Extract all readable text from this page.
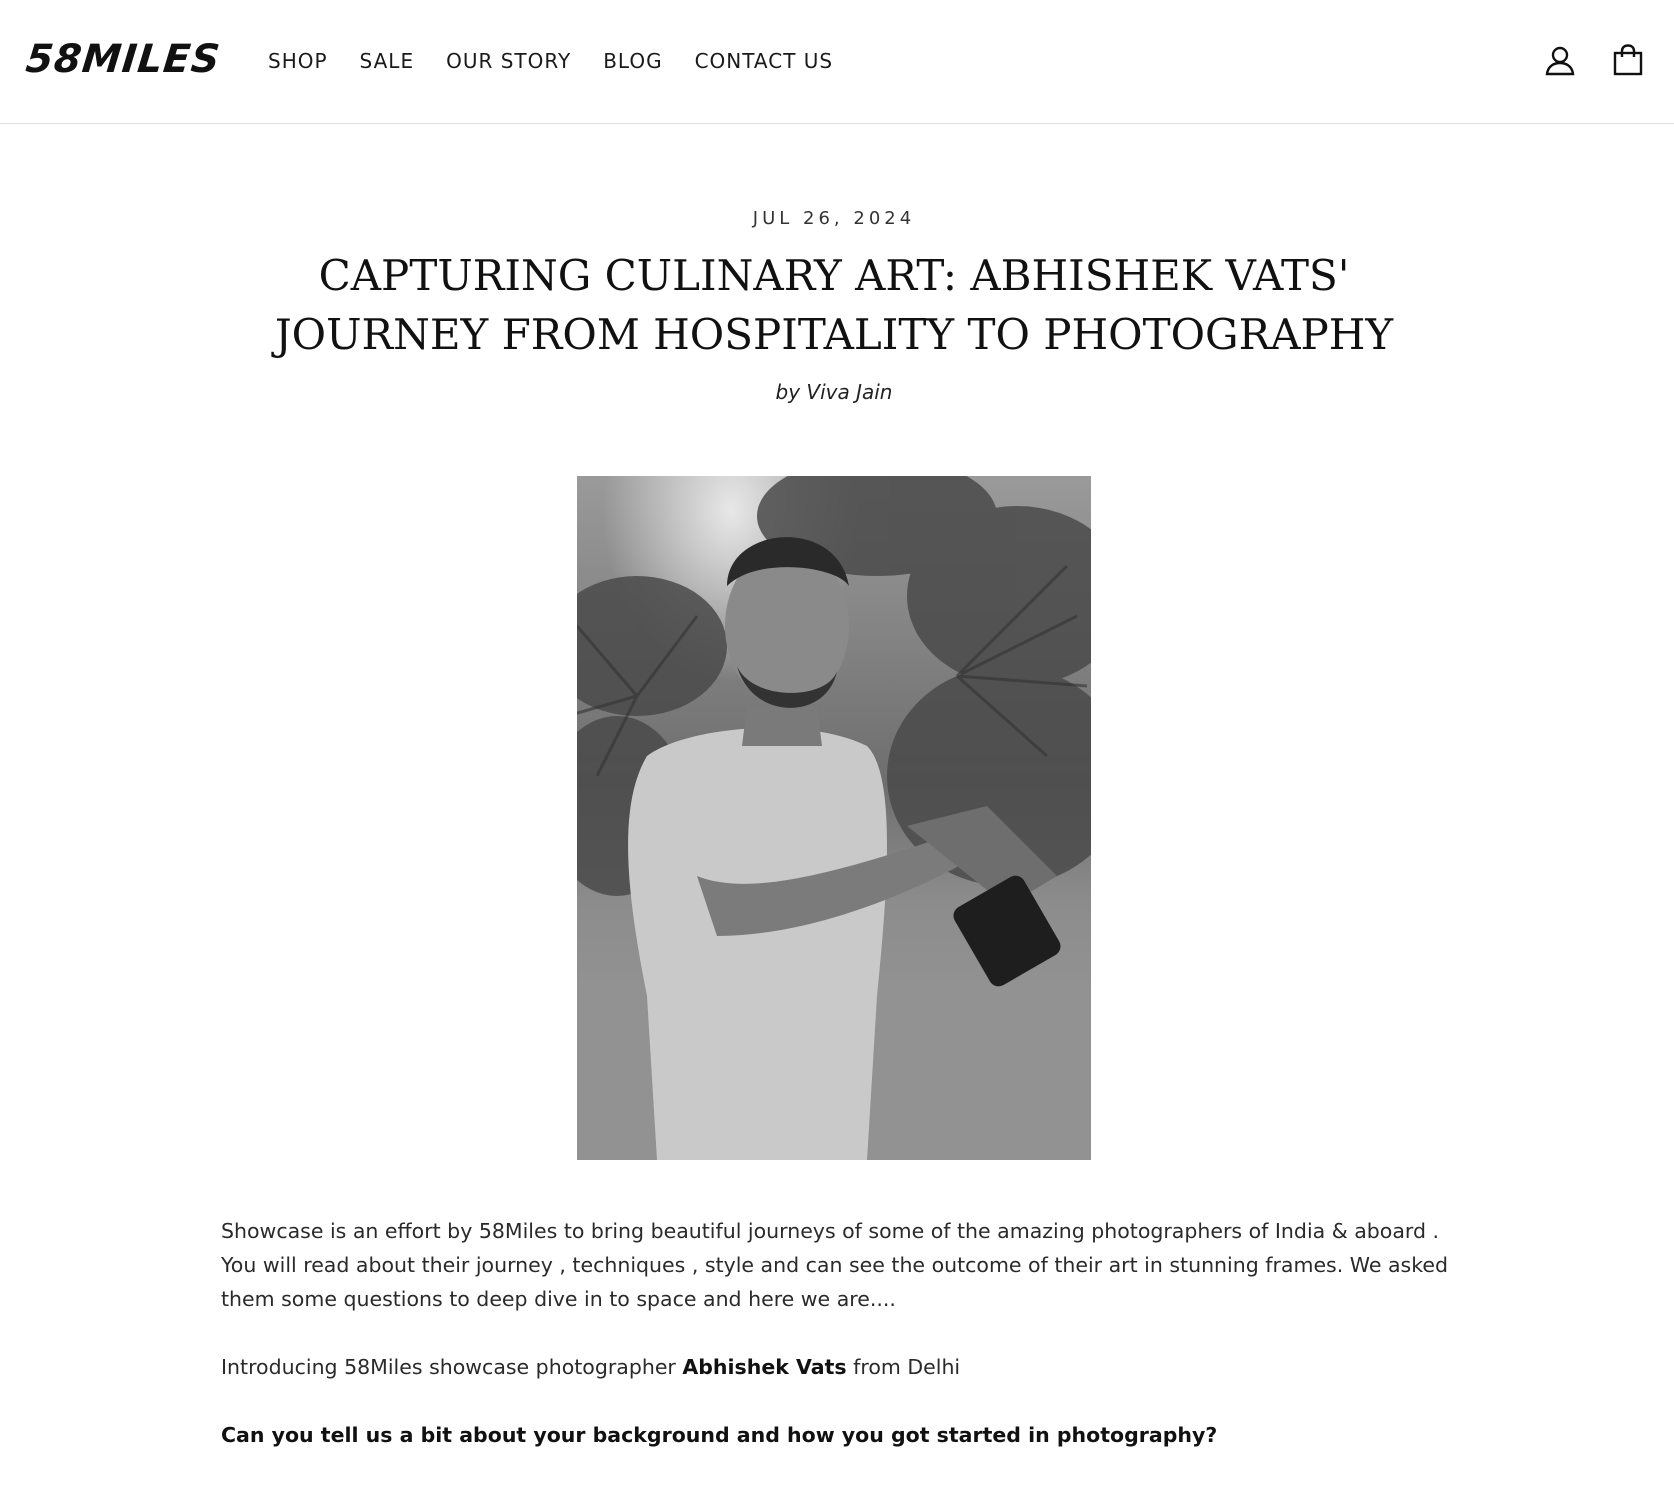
58MILES SHOP SALE OUR STORY BLOG CONTACT US
JUL 26, 2024
CAPTURING CULINARY ART: ABHISHEK VATS' JOURNEY FROM HOSPITALITY TO PHOTOGRAPHY
by Viva Jain

Showcase is an effort by 58Miles to bring beautiful journeys of some of the amazing photographers of India & aboard . You will read about their journey , techniques , style and can see the outcome of their art in stunning frames. We asked them some questions to deep dive in to space and here we are....

Introducing 58Miles showcase photographer Abhishek Vats from Delhi

Can you tell us a bit about your background and how you got started in photography?
